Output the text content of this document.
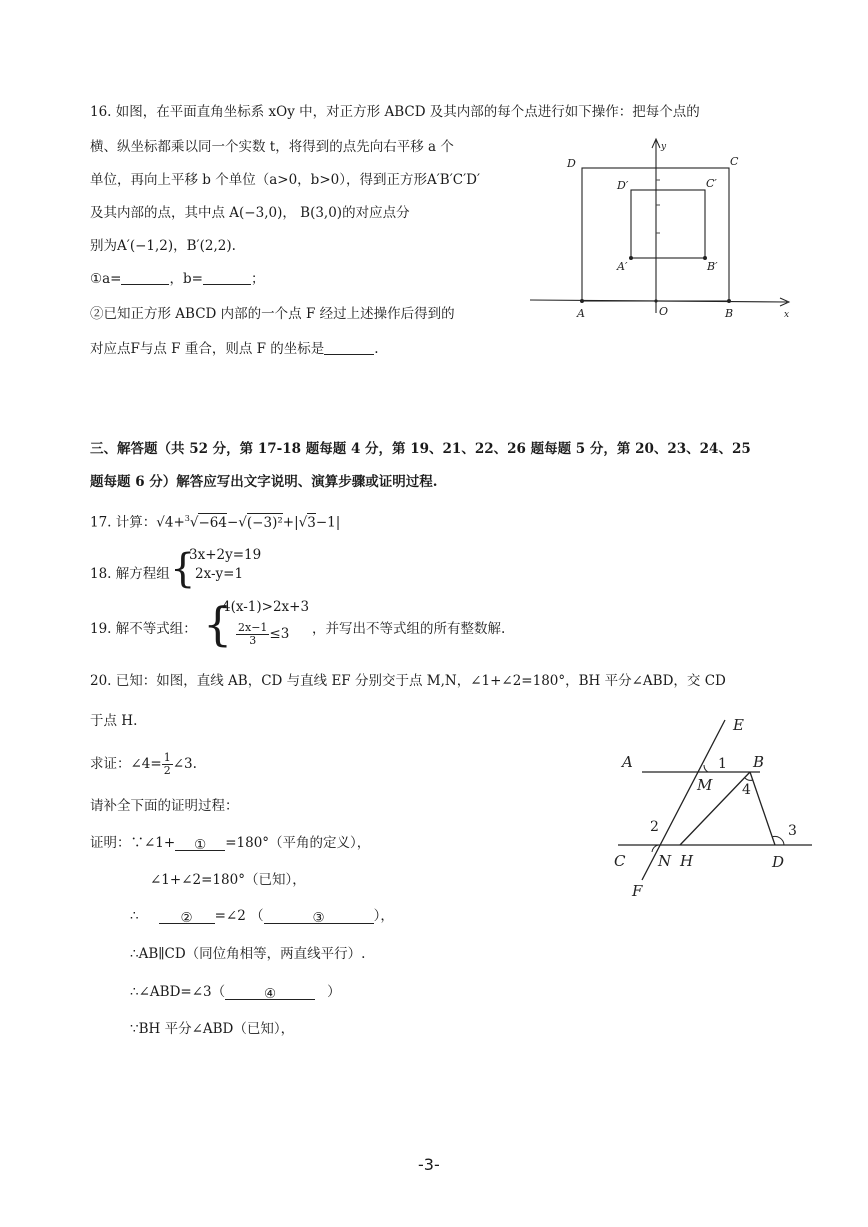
16. 如图，在平面直角坐标系 xOy 中，对正方形 ABCD 及其内部的每个点进行如下操作：把每个点的
横、纵坐标都乘以同一个实数 t，将得到的点先向右平移 a 个
单位，再向上平移 b 个单位（a>0，b>0），得到正方形A′B′C′D′
及其内部的点，其中点 A(−3,0)， B(3,0)的对应点分
别为A′(−1,2)，B′(2,2).
①a=	，b=	；
②已知正方形 ABCD 内部的一个点 F 经过上述操作后得到的
对应点F与点 F 重合，则点 F 的坐标是	.
D	C
D′	C′
A′	B′
A	O	B	x
y
三、解答题（共 52 分，第 17-18 题每题 4 分，第 19、21、22、26 题每题 5 分，第 20、23、24、25
题每题 6 分）解答应写出文字说明、演算步骤或证明过程.
17. 计算：√4+$^3$√−64−√(−3)²+|√3−1|
18. 解方程组 {
3x+2y=19
2x-y=1
19. 解不等式组： {
4(x-1)>2x+3
$\frac{2x-1}{3} \le 3$ ，并写出不等式组的所有整数解.
20. 已知：如图，直线 AB，CD 与直线 EF 分别交于点 M,N，∠1+∠2=180°，BH 平分∠ABD，交 CD
于点 H.
求证：∠4= $\frac{1}{2}$ ∠3.
请补全下面的证明过程：
证明：∵∠1+ ① =180°（平角的定义），
∠1+∠2=180°（已知），
∴	② =∠2 （	③	），
∴AB∥CD（同位角相等，两直线平行）.
∴∠ABD=∠3（	④	）
∵BH 平分∠ABD（已知），
E
A	B
M
C N H	D
F
1
4
2	3
-3-
